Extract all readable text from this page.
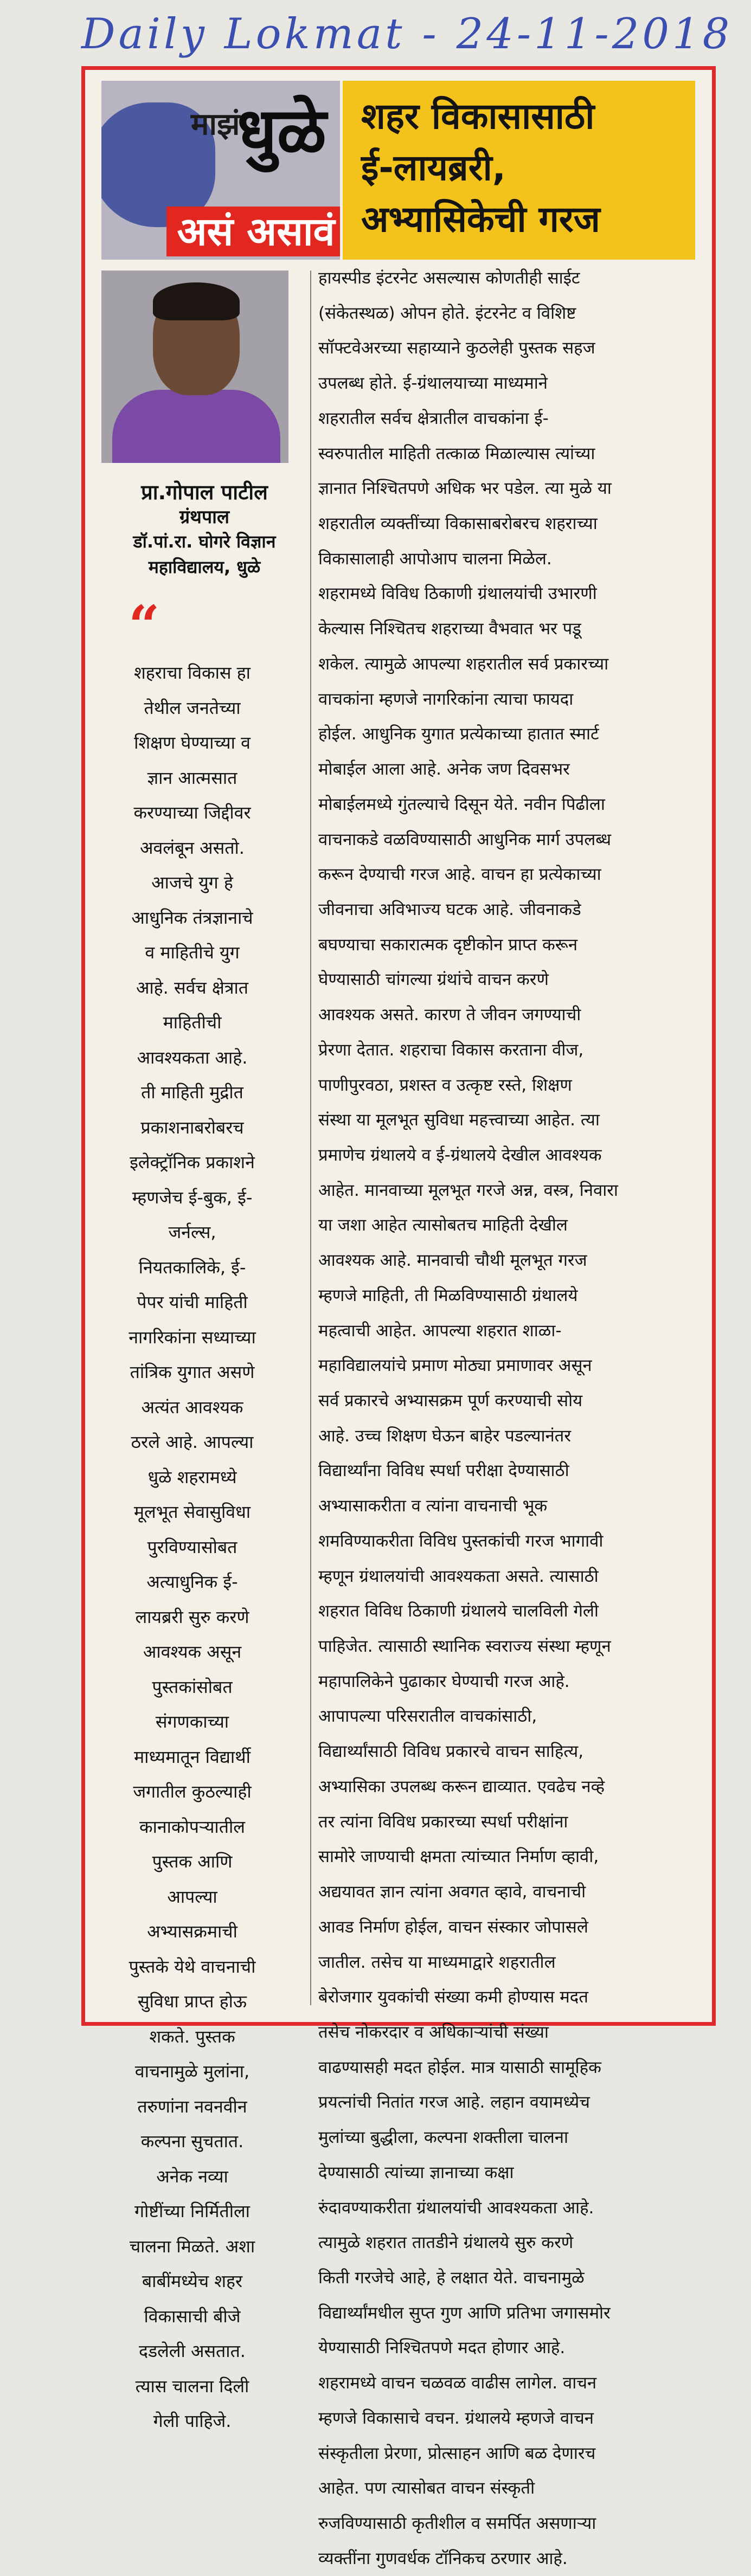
Daily Lokmat - 24-11-2018
माझं
धुळे
असं असावं
शहर विकासासाठी
ई-लायब्ररी,
अभ्यासिकेची गरज
प्रा.गोपाल पाटील
ग्रंथपाल
डॉ.पां.रा. घोगरे विज्ञान
महाविद्यालय, धुळे
“
शहराचा विकास हा
तेथील जनतेच्या
शिक्षण घेण्याच्या व
ज्ञान आत्मसात
करण्याच्या जिद्दीवर
अवलंबून असतो.
आजचे युग हे
आधुनिक तंत्रज्ञानाचे
व माहितीचे युग
आहे. सर्वच क्षेत्रात
माहितीची
आवश्यकता आहे.
ती माहिती मुद्रीत
प्रकाशनाबरोबरच
इलेक्ट्रॉनिक प्रकाशने
म्हणजेच ई-बुक, ई-
जर्नल्स,
नियतकालिके, ई-
पेपर यांची माहिती
नागरिकांना सध्याच्या
तांत्रिक युगात असणे
अत्यंत आवश्यक
ठरले आहे. आपल्या
धुळे शहरामध्ये
मूलभूत सेवासुविधा
पुरविण्यासोबत
अत्याधुनिक ई-
लायब्ररी सुरु करणे
आवश्यक असून
पुस्तकांसोबत
संगणकाच्या
माध्यमातून विद्यार्थी
जगातील कुठल्याही
कानाकोपऱ्यातील
पुस्तक आणि
आपल्या
अभ्यासक्रमाची
पुस्तके येथे वाचनाची
सुविधा प्राप्त होऊ
शकते. पुस्तक
वाचनामुळे मुलांना,
तरुणांना नवनवीन
कल्पना सुचतात.
अनेक नव्या
गोष्टींच्या निर्मितीला
चालना मिळते. अशा
बाबींमध्येच शहर
विकासाची बीजे
दडलेली असतात.
त्यास चालना दिली
गेली पाहिजे.
हायस्पीड इंटरनेट असल्यास कोणतीही साईट
(संकेतस्थळ) ओपन होते. इंटरनेट व विशिष्ट
सॉफ्टवेअरच्या सहाय्याने कुठलेही पुस्तक सहज
उपलब्ध होते. ई-ग्रंथालयाच्या माध्यमाने
शहरातील सर्वच क्षेत्रातील वाचकांना ई-
स्वरुपातील माहिती तत्काळ मिळाल्यास त्यांच्या
ज्ञानात निश्चितपणे अधिक भर पडेल. त्या मुळे या
शहरातील व्यक्तींच्या विकासाबरोबरच शहराच्या
विकासालाही आपोआप चालना मिळेल.
शहरामध्ये विविध ठिकाणी ग्रंथालयांची उभारणी
केल्यास निश्चितच शहराच्या वैभवात भर पडू
शकेल. त्यामुळे आपल्या शहरातील सर्व प्रकारच्या
वाचकांना म्हणजे नागरिकांना त्याचा फायदा
होईल. आधुनिक युगात प्रत्येकाच्या हातात स्मार्ट
मोबाईल आला आहे. अनेक जण दिवसभर
मोबाईलमध्ये गुंतल्याचे दिसून येते. नवीन पिढीला
वाचनाकडे वळविण्यासाठी आधुनिक मार्ग उपलब्ध
करून देण्याची गरज आहे. वाचन हा प्रत्येकाच्या
जीवनाचा अविभाज्य घटक आहे. जीवनाकडे
बघण्याचा सकारात्मक दृष्टीकोन प्राप्त करून
घेण्यासाठी चांगल्या ग्रंथांचे वाचन करणे
आवश्यक असते. कारण ते जीवन जगण्याची
प्रेरणा देतात. शहराचा विकास करताना वीज,
पाणीपुरवठा, प्रशस्त व उत्कृष्ट रस्ते, शिक्षण
संस्था या मूलभूत सुविधा महत्त्वाच्या आहेत. त्या
प्रमाणेच ग्रंथालये व ई-ग्रंथालये देखील आवश्यक
आहेत. मानवाच्या मूलभूत गरजे अन्न, वस्त्र, निवारा
या जशा आहेत त्यासोबतच माहिती देखील
आवश्यक आहे. मानवाची चौथी मूलभूत गरज
म्हणजे माहिती, ती मिळविण्यासाठी ग्रंथालये
महत्वाची आहेत. आपल्या शहरात शाळा-
महाविद्यालयांचे प्रमाण मोठ्या प्रमाणावर असून
सर्व प्रकारचे अभ्यासक्रम पूर्ण करण्याची सोय
आहे. उच्च शिक्षण घेऊन बाहेर पडल्यानंतर
विद्यार्थ्यांना विविध स्पर्धा परीक्षा देण्यासाठी
अभ्यासाकरीता व त्यांना वाचनाची भूक
शमविण्याकरीता विविध पुस्तकांची गरज भागावी
म्हणून ग्रंथालयांची आवश्यकता असते. त्यासाठी
शहरात विविध ठिकाणी ग्रंथालये चालविली गेली
पाहिजेत. त्यासाठी स्थानिक स्वराज्य संस्था म्हणून
महापालिकेने पुढाकार घेण्याची गरज आहे.
आपापल्या परिसरातील वाचकांसाठी,
विद्यार्थ्यांसाठी विविध प्रकारचे वाचन साहित्य,
अभ्यासिका उपलब्ध करून द्याव्यात. एवढेच नव्हे
तर त्यांना विविध प्रकारच्या स्पर्धा परीक्षांना
सामोरे जाण्याची क्षमता त्यांच्यात निर्माण व्हावी,
अद्ययावत ज्ञान त्यांना अवगत व्हावे, वाचनाची
आवड निर्माण होईल, वाचन संस्कार जोपासले
जातील. तसेच या माध्यमाद्वारे शहरातील
बेरोजगार युवकांची संख्या कमी होण्यास मदत
तसेच नोकरदार व अधिकाऱ्यांची संख्या
वाढण्यासही मदत होईल. मात्र यासाठी सामूहिक
प्रयत्नांची नितांत गरज आहे. लहान वयामध्येच
मुलांच्या बुद्धीला, कल्पना शक्तीला चालना
देण्यासाठी त्यांच्या ज्ञानाच्या कक्षा
रुंदावण्याकरीता ग्रंथालयांची आवश्यकता आहे.
त्यामुळे शहरात तातडीने ग्रंथालये सुरु करणे
किती गरजेचे आहे, हे लक्षात येते. वाचनामुळे
विद्यार्थ्यांमधील सुप्त गुण आणि प्रतिभा जगासमोर
येण्यासाठी निश्चितपणे मदत होणार आहे.
शहरामध्ये वाचन चळवळ वाढीस लागेल. वाचन
म्हणजे विकासाचे वचन. ग्रंथालये म्हणजे वाचन
संस्कृतीला प्रेरणा, प्रोत्साहन आणि बळ देणारच
आहेत. पण त्यासोबत वाचन संस्कृती
रुजविण्यासाठी कृतीशील व समर्पित असणाऱ्या
व्यक्तींना गुणवर्धक टॉनिकच ठरणार आहे.
